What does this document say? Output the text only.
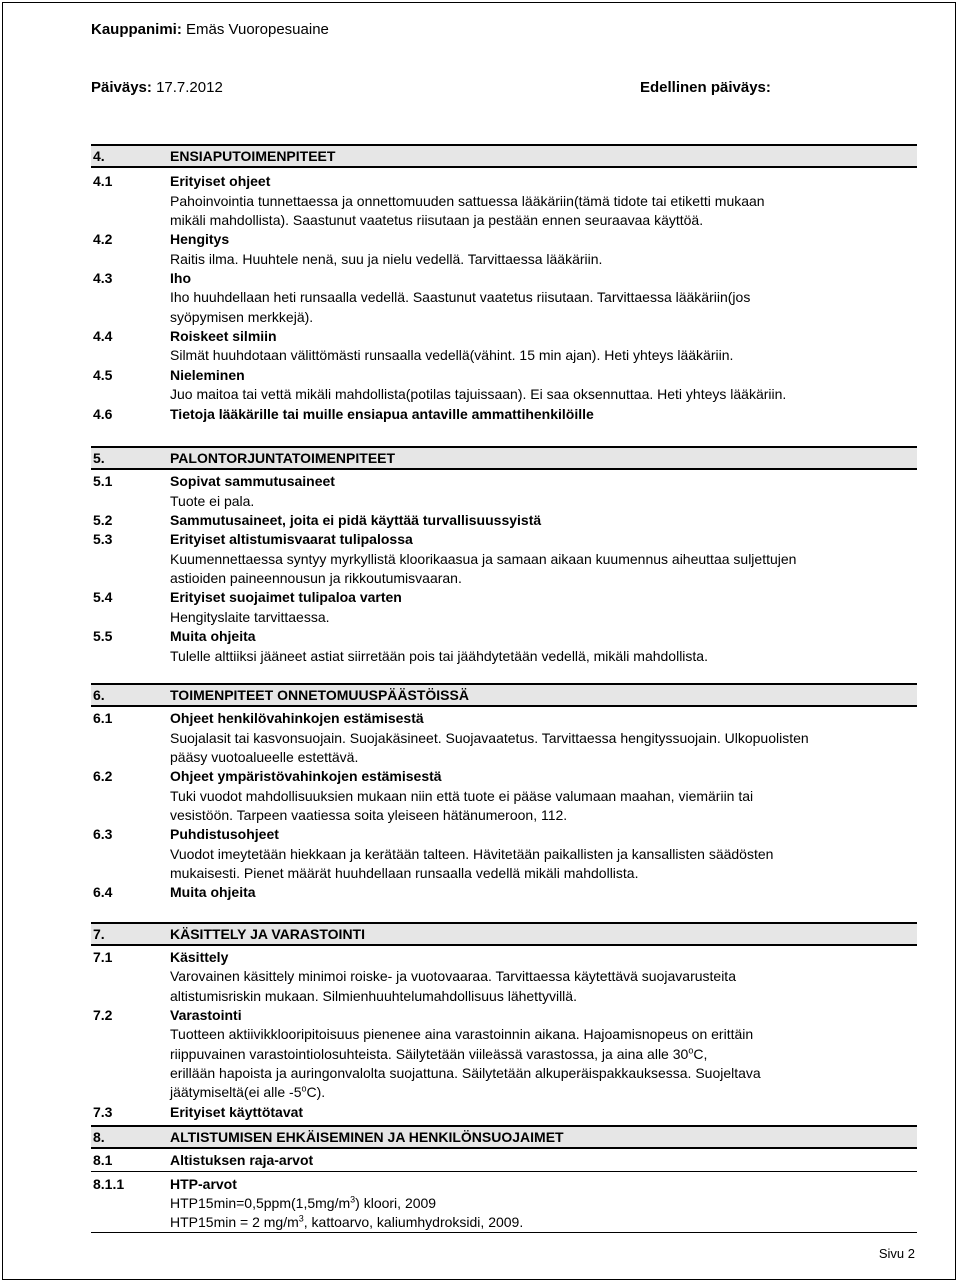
Kauppanimi: Emäs Vuoropesuaine
Päiväys: 17.7.2012	Edellinen päiväys:
4.	ENSIAPUTOIMENPITEET
4.1	Erityiset ohjeet
Pahoinvointia tunnettaessa ja onnettomuuden sattuessa lääkäriin(tämä tidote tai etiketti mukaan
mikäli mahdollista). Saastunut vaatetus riisutaan ja pestään ennen seuraavaa käyttöä.
4.2	Hengitys
Raitis ilma. Huuhtele nenä, suu ja nielu vedellä. Tarvittaessa lääkäriin.
4.3	Iho
Iho huuhdellaan heti runsaalla vedellä. Saastunut vaatetus riisutaan. Tarvittaessa lääkäriin(jos
syöpymisen merkkejä).
4.4	Roiskeet silmiin
Silmät huuhdotaan välittömästi runsaalla vedellä(vähint. 15 min ajan). Heti yhteys lääkäriin.
4.5	Nieleminen
Juo maitoa tai vettä mikäli mahdollista(potilas tajuissaan). Ei saa oksennuttaa. Heti yhteys lääkäriin.
4.6	Tietoja lääkärille tai muille ensiapua antaville ammattihenkilöille
5.	PALONTORJUNTATOIMENPITEET
5.1	Sopivat sammutusaineet
Tuote ei pala.
5.2	Sammutusaineet, joita ei pidä käyttää turvallisuussyistä
5.3	Erityiset altistumisvaarat tulipalossa
Kuumennettaessa syntyy myrkyllistä kloorikaasua ja samaan aikaan kuumennus aiheuttaa suljettujen
astioiden paineennousun ja rikkoutumisvaaran.
5.4	Erityiset suojaimet tulipaloa varten
Hengityslaite tarvittaessa.
5.5	Muita ohjeita
Tulelle alttiiksi jääneet astiat siirretään pois tai jäähdytetään vedellä, mikäli mahdollista.
6.	TOIMENPITEET ONNETOMUUSPÄÄSTÖISSÄ
6.1	Ohjeet henkilövahinkojen estämisestä
Suojalasit tai kasvonsuojain. Suojakäsineet. Suojavaatetus. Tarvittaessa hengityssuojain. Ulkopuolisten
pääsy vuotoalueelle estettävä.
6.2	Ohjeet ympäristövahinkojen estämisestä
Tuki vuodot mahdollisuuksien mukaan niin että tuote ei pääse valumaan maahan, viemäriin tai
vesistöön. Tarpeen vaatiessa soita yleiseen hätänumeroon, 112.
6.3	Puhdistusohjeet
Vuodot imeytetään hiekkaan ja kerätään talteen. Hävitetään paikallisten ja kansallisten säädösten
mukaisesti. Pienet määrät huuhdellaan runsaalla vedellä mikäli mahdollista.
6.4	Muita ohjeita
7.	KÄSITTELY JA VARASTOINTI
7.1	Käsittely
Varovainen käsittely minimoi roiske- ja vuotovaaraa. Tarvittaessa käytettävä suojavarusteita
altistumisriskin mukaan. Silmienhuuhtelumahdollisuus lähettyvillä.
7.2	Varastointi
Tuotteen aktiivikklooripitoisuus pienenee aina varastoinnin aikana. Hajoamisnopeus on erittäin
riippuvainen varastointiolosuhteista. Säilytetään viileässä varastossa, ja aina alle 30$^o$C,
erillään hapoista ja auringonvalolta suojattuna. Säilytetään alkuperäispakkauksessa. Suojeltava
jäätymiseltä(ei alle -5$^o$C).
7.3	Erityiset käyttötavat
8.	ALTISTUMISEN EHKÄISEMINEN JA HENKILÖNSUOJAIMET
8.1	Altistuksen raja-arvot
8.1.1	HTP-arvot
$HTP15\min=0,5ppm(1,5mg/m^3)$ kloori, 2009
HTP15min = 2 $mg/m^3$, kattoarvo, kaliumhydroksidi, 2009.
Sivu 2
